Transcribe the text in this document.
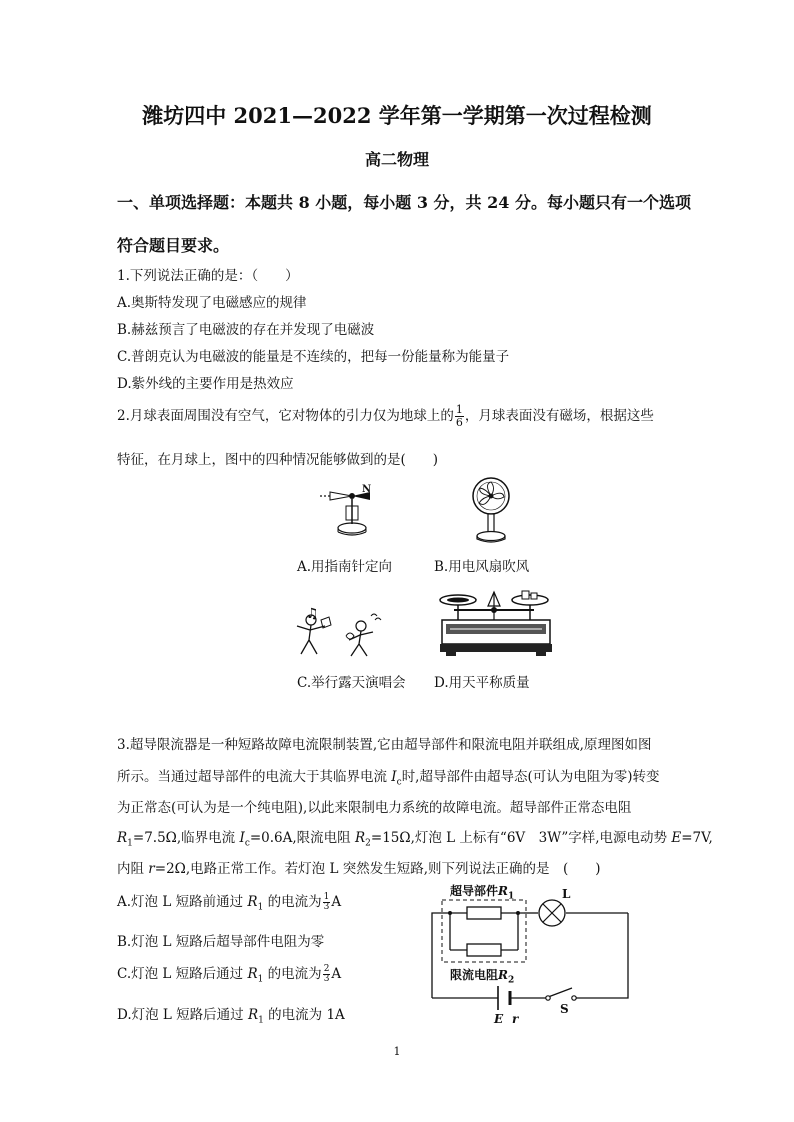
潍坊四中 2021—2022 学年第一学期第一次过程检测
高二物理
一、单项选择题：本题共 8 小题，每小题 3 分，共 24 分。每小题只有一个选项
符合题目要求。
1.下列说法正确的是：（　　）
A.奥斯特发现了电磁感应的规律
B.赫兹预言了电磁波的存在并发现了电磁波
C.普朗克认为电磁波的能量是不连续的，把每一份能量称为能量子
D.紫外线的主要作用是热效应
2.月球表面周围没有空气，它对物体的引力仅为地球上的 $\frac{1}{6}$ ，月球表面没有磁场，根据这些
特征，在月球上，图中的四种情况能够做到的是(　　)
N
A.用指南针定向	B.用电风扇吹风
♫
C.举行露天演唱会 D.用天平称质量
3.超导限流器是一种短路故障电流限制装置,它由超导部件和限流电阻并联组成,原理图如图
所示。当通过超导部件的电流大于其临界电流 $I_c$时,超导部件由超导态(可认为电阻为零)转变
为正常态(可认为是一个纯电阻),以此来限制电力系统的故障电流。超导部件正常态电阻
$R_1=7.5\Omega$,临界电流 $I_c=0.6A$,限流电阻 $R_2=15\Omega$,灯泡 L 上标有“6V　3W”字样,电源电动势 E=7V,
内阻 r=2Ω,电路正常工作。若灯泡 L 突然发生短路,则下列说法正确的是　(　　)
A.灯泡 L 短路前通过 $R_1$ 的电流为 $\frac{1}{3}$ A
B.灯泡 L 短路后超导部件电阻为零
C.灯泡 L 短路后通过 $R_1$ 的电流为 $\frac{2}{3}$ A
D.灯泡 L 短路后通过 $R_1$ 的电流为 1A
超导部件$R_1$
限流电阻$R_2$
L
S
E r
1
